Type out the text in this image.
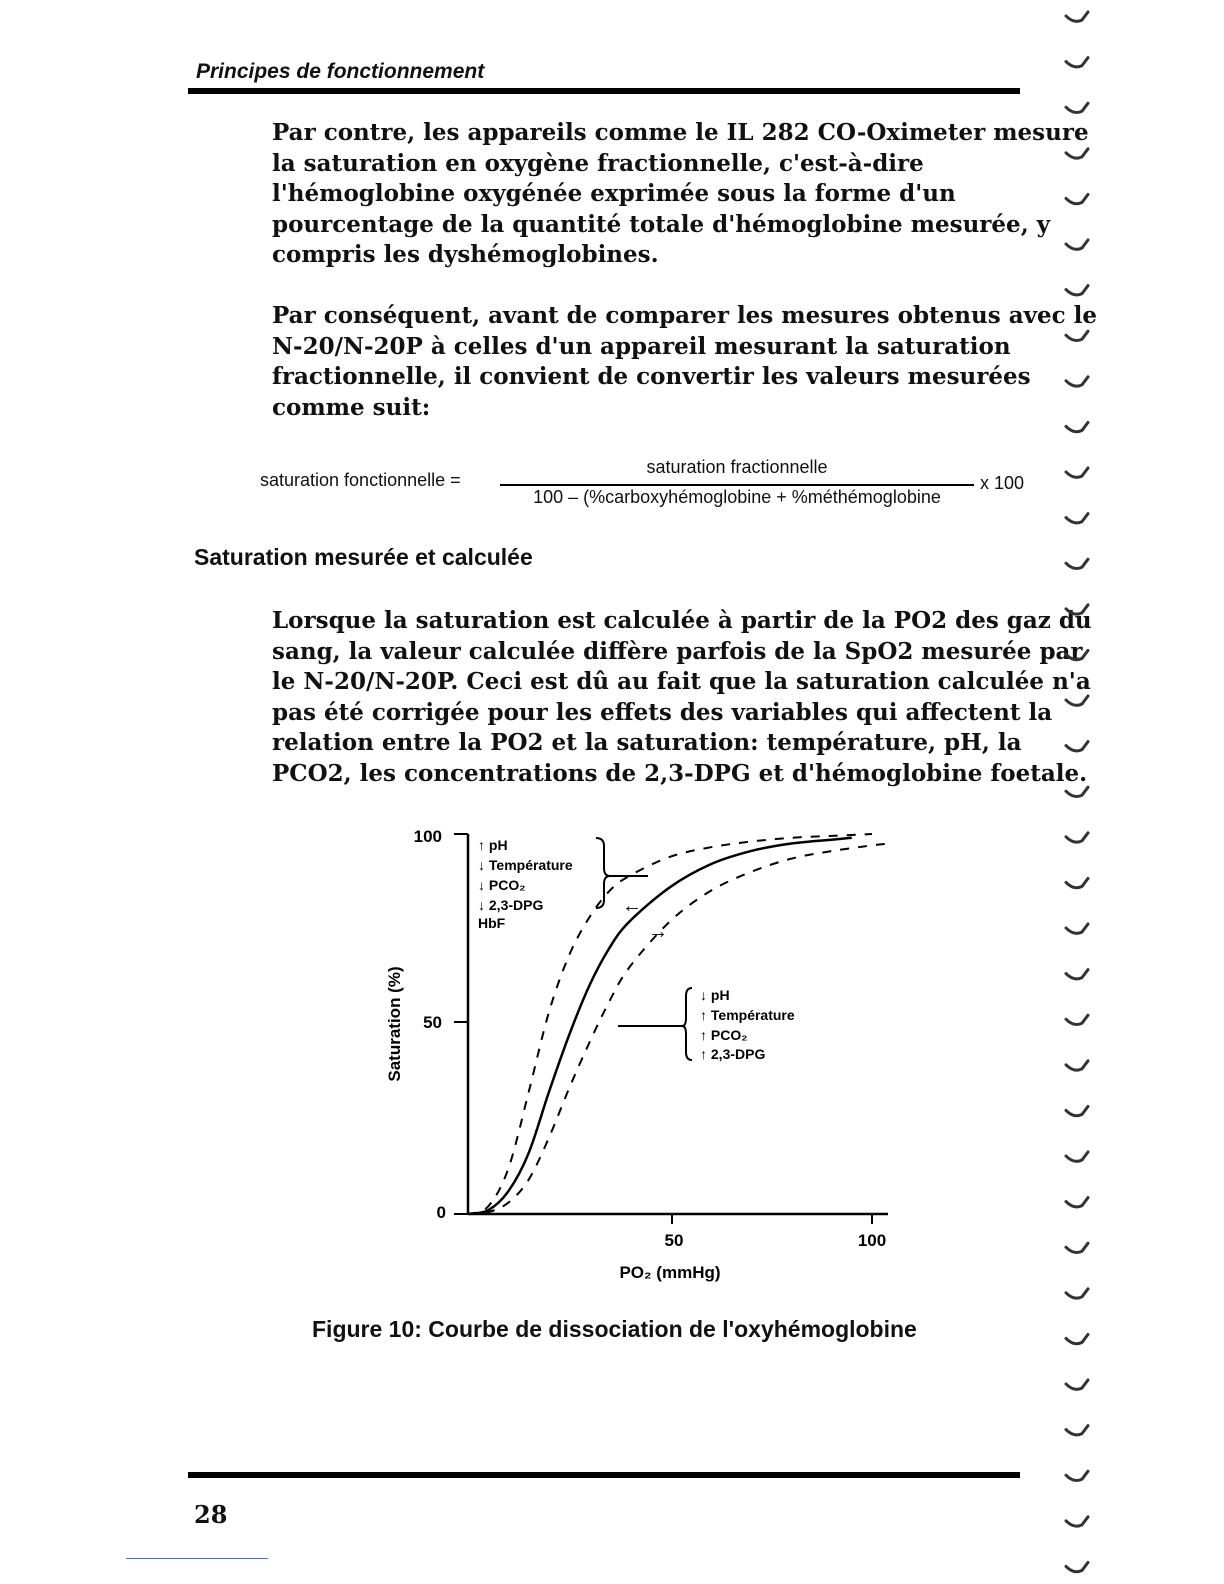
Principes de fonctionnement
Par contre, les appareils comme le IL 282 CO-Oximeter mesure
la saturation en oxygène fractionnelle, c'est-à-dire
l'hémoglobine oxygénée exprimée sous la forme d'un
pourcentage de la quantité totale d'hémoglobine mesurée, y
compris les dyshémoglobines.
Par conséquent, avant de comparer les mesures obtenus avec le
N-20/N-20P à celles d'un appareil mesurant la saturation
fractionnelle, il convient de convertir les valeurs mesurées
comme suit:
saturation fonctionnelle =
saturation fractionnelle
100 – (%carboxyhémoglobine + %méthémoglobine
x 100
Saturation mesurée et calculée
Lorsque la saturation est calculée à partir de la PO2 des gaz du
sang, la valeur calculée diffère parfois de la SpO2 mesurée par
le N-20/N-20P. Ceci est dû au fait que la saturation calculée n'a
pas été corrigée pour les effets des variables qui affectent la
relation entre la PO2 et la saturation: température, pH, la
PCO2, les concentrations de 2,3-DPG et d'hémoglobine foetale.
100
50
0
50	100
Saturation (%)
PO₂ (mmHg)
↑ pH
↓ Température
↓ PCO₂
↓ 2,3-DPG
HbF
←
→
↓ pH
↑ Température
↑ PCO₂
↑ 2,3-DPG
Figure 10: Courbe de dissociation de l'oxyhémoglobine
28
